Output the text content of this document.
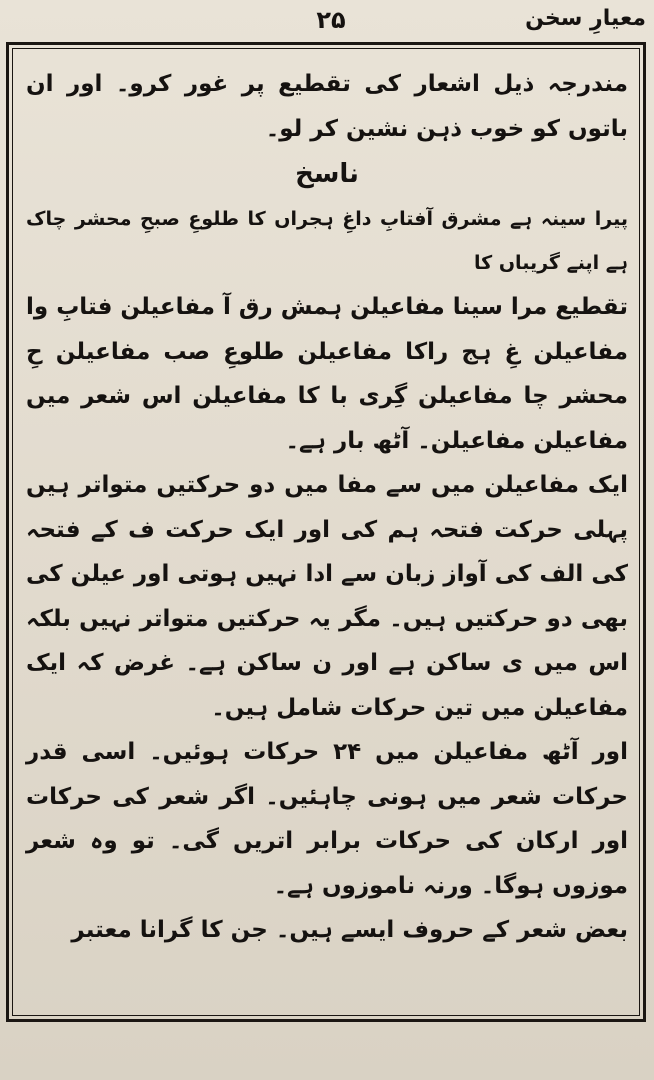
۲۵	معیارِ سخن

مندرجہ ذیل اشعار کی تقطیع پر غور کرو۔ اور ان باتوں کو خوب ذہن نشین کر لو۔

ناسخ

پیرا سینہ ہے مشرق آفتابِ داغِ ہجراں کا طلوعِ صبحِ محشر چاک ہے اپنے گریباں کا

تقطیع مرا سینا مفاعیلن ہمش رق آ مفاعیلن فتابِ وا مفاعیلن غِ ہج راکا مفاعیلن طلوعِ صب مفاعیلن حِ محشر چا مفاعیلن گِری با کا مفاعیلن اس شعر میں مفاعیلن مفاعیلن۔ آٹھ بار ہے۔

ایک مفاعیلن میں سے مفا میں دو حرکتیں متواتر ہیں پہلی حرکت فتحہ ہم کی اور ایک حرکت ف کے فتحہ کی الف کی آواز زبان سے ادا نہیں ہوتی اور عیلن کی بھی دو حرکتیں ہیں۔ مگر یہ حرکتیں متواتر نہیں بلکہ اس میں ی ساکن ہے اور ن ساکن ہے۔ غرض کہ ایک مفاعیلن میں تین حرکات شامل ہیں۔

اور آٹھ مفاعیلن میں ۲۴ حرکات ہوئیں۔ اسی قدر حرکات شعر میں ہونی چاہئیں۔ اگر شعر کی حرکات اور ارکان کی حرکات برابر اتریں گی۔ تو وہ شعر موزوں ہوگا۔ ورنہ ناموزوں ہے۔

بعض شعر کے حروف ایسے ہیں۔ جن کا گرانا معتبر
